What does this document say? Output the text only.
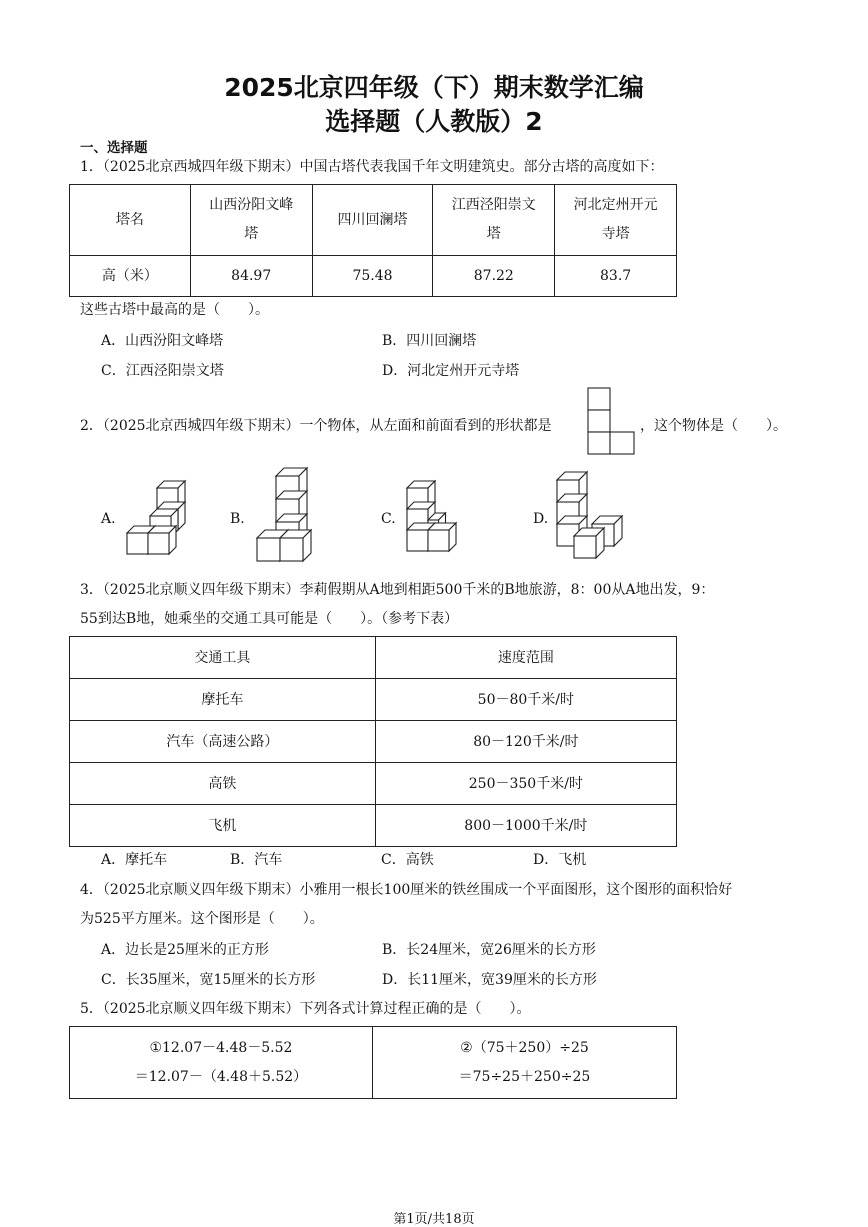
2025北京四年级（下）期末数学汇编
选择题（人教版）2
一、选择题
1．（2025北京西城四年级下期末）中国古塔代表我国千年文明建筑史。部分古塔的高度如下：
塔名	山西汾阳文峰塔	四川回澜塔	江西泾阳崇文塔	河北定州开元寺塔

高（米）	84.97	75.48	87.22	83.7
这些古塔中最高的是（　　）。
A．山西汾阳文峰塔	B．四川回澜塔
C．江西泾阳崇文塔	D．河北定州开元寺塔
2．（2025北京西城四年级下期末）一个物体，从左面和前面看到的形状都是	，这个物体是（　　）。
A.	B.	C.	D.
3．（2025北京顺义四年级下期末）李莉假期从A地到相距500千米的B地旅游，8：00从A地出发，9：
55到达B地，她乘坐的交通工具可能是（　　）。（参考下表）
交通工具	速度范围
摩托车	50－80千米/时
汽车（高速公路）	80－120千米/时
高铁	250－350千米/时
飞机	800－1000千米/时
A．摩托车	B．汽车	C．高铁	D．飞机
4．（2025北京顺义四年级下期末）小雅用一根长100厘米的铁丝围成一个平面图形，这个图形的面积恰好
为525平方厘米。这个图形是（　　）。
A．边长是25厘米的正方形	B．长24厘米，宽26厘米的长方形
C．长35厘米，宽15厘米的长方形	D．长11厘米，宽39厘米的长方形
5．（2025北京顺义四年级下期末）下列各式计算过程正确的是（　　）。
①12.07－4.48－5.52
＝12.07－（4.48＋5.52）

②（75＋250）÷25
＝75÷25＋250÷25
第1页/共18页
